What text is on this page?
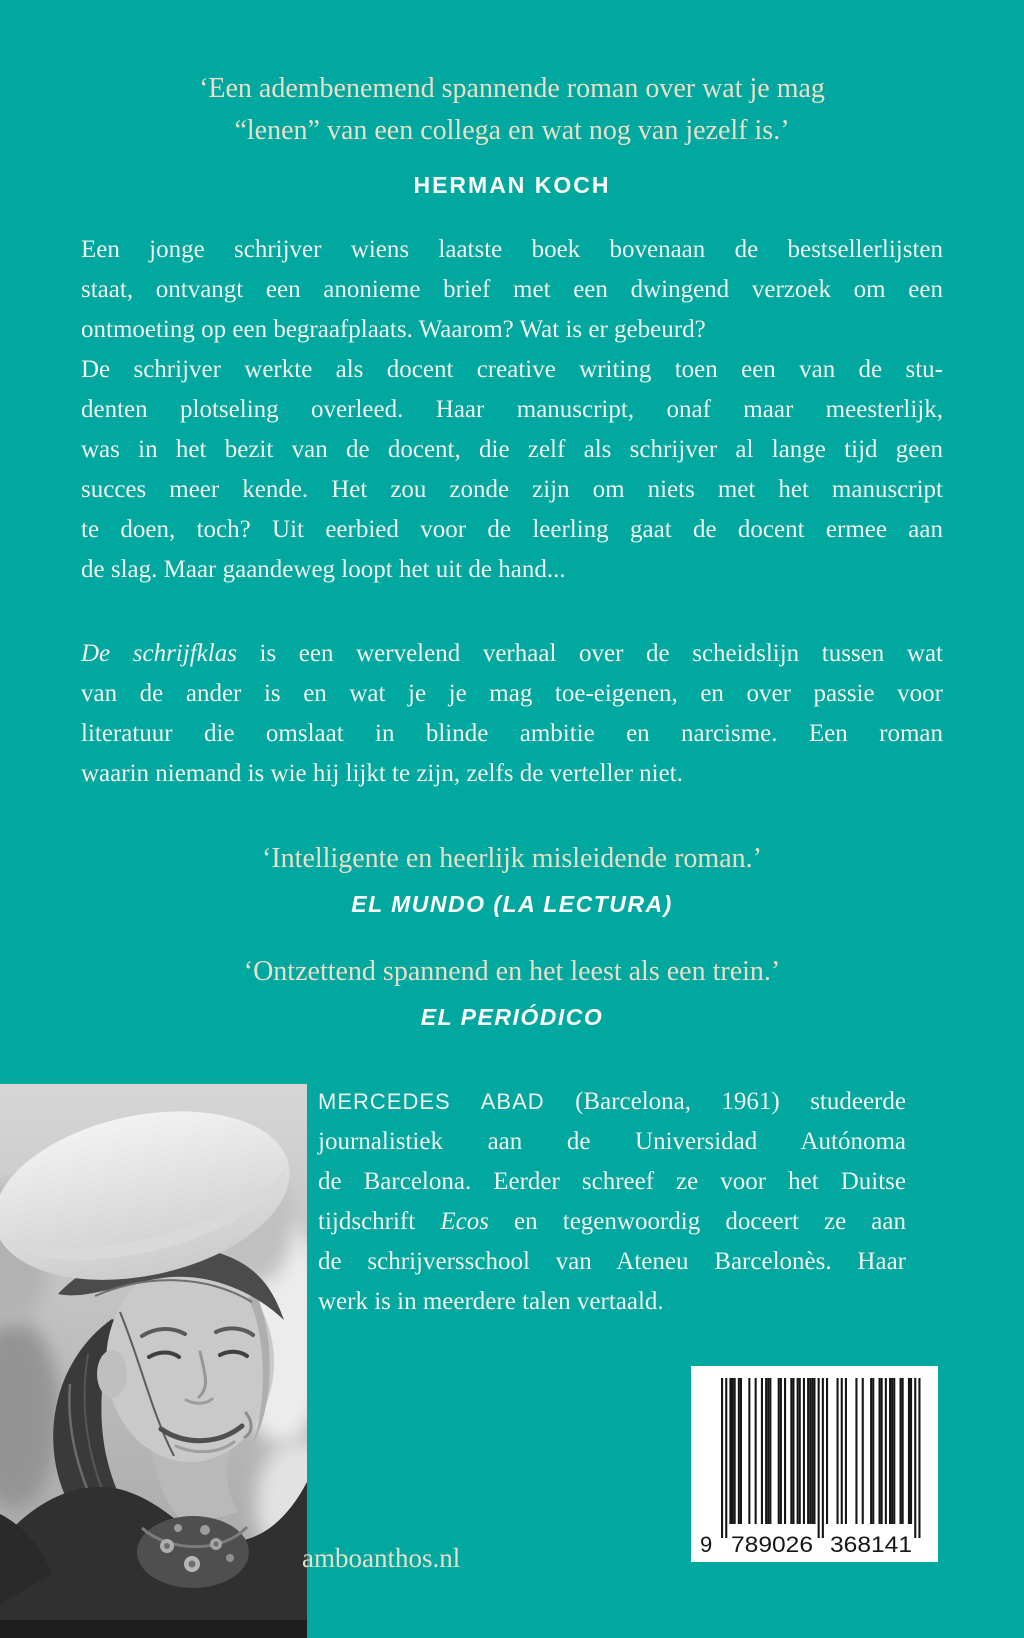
‘Een adembenemend spannende roman over wat je mag
“lenen” van een collega en wat nog van jezelf is.’
HERMAN KOCH
Een jonge schrijver wiens laatste boek bovenaan de bestsellerlijsten
staat, ontvangt een anonieme brief met een dwingend verzoek om een
ontmoeting op een begraafplaats. Waarom? Wat is er gebeurd?
De schrijver werkte als docent creative writing toen een van de stu-
denten plotseling overleed. Haar manuscript, onaf maar meesterlijk,
was in het bezit van de docent, die zelf als schrijver al lange tijd geen
succes meer kende. Het zou zonde zijn om niets met het manuscript
te doen, toch? Uit eerbied voor de leerling gaat de docent ermee aan
de slag. Maar gaandeweg loopt het uit de hand...
De schrijfklas is een wervelend verhaal over de scheidslijn tussen wat
van de ander is en wat je je mag toe-eigenen, en over passie voor
literatuur die omslaat in blinde ambitie en narcisme. Een roman
waarin niemand is wie hij lijkt te zijn, zelfs de verteller niet.
‘Intelligente en heerlijk misleidende roman.’
EL MUNDO (LA LECTURA)
‘Ontzettend spannend en het leest als een trein.’
EL PERIÓDICO
MERCEDES ABAD (Barcelona, 1961) studeerde
journalistiek aan de Universidad Autónoma
de Barcelona. Eerder schreef ze voor het Duitse
tijdschrift Ecos en tegenwoordig doceert ze aan
de schrijversschool van Ateneu Barcelonès. Haar
werk is in meerdere talen vertaald.
9 789026 368141
amboanthos.nl
